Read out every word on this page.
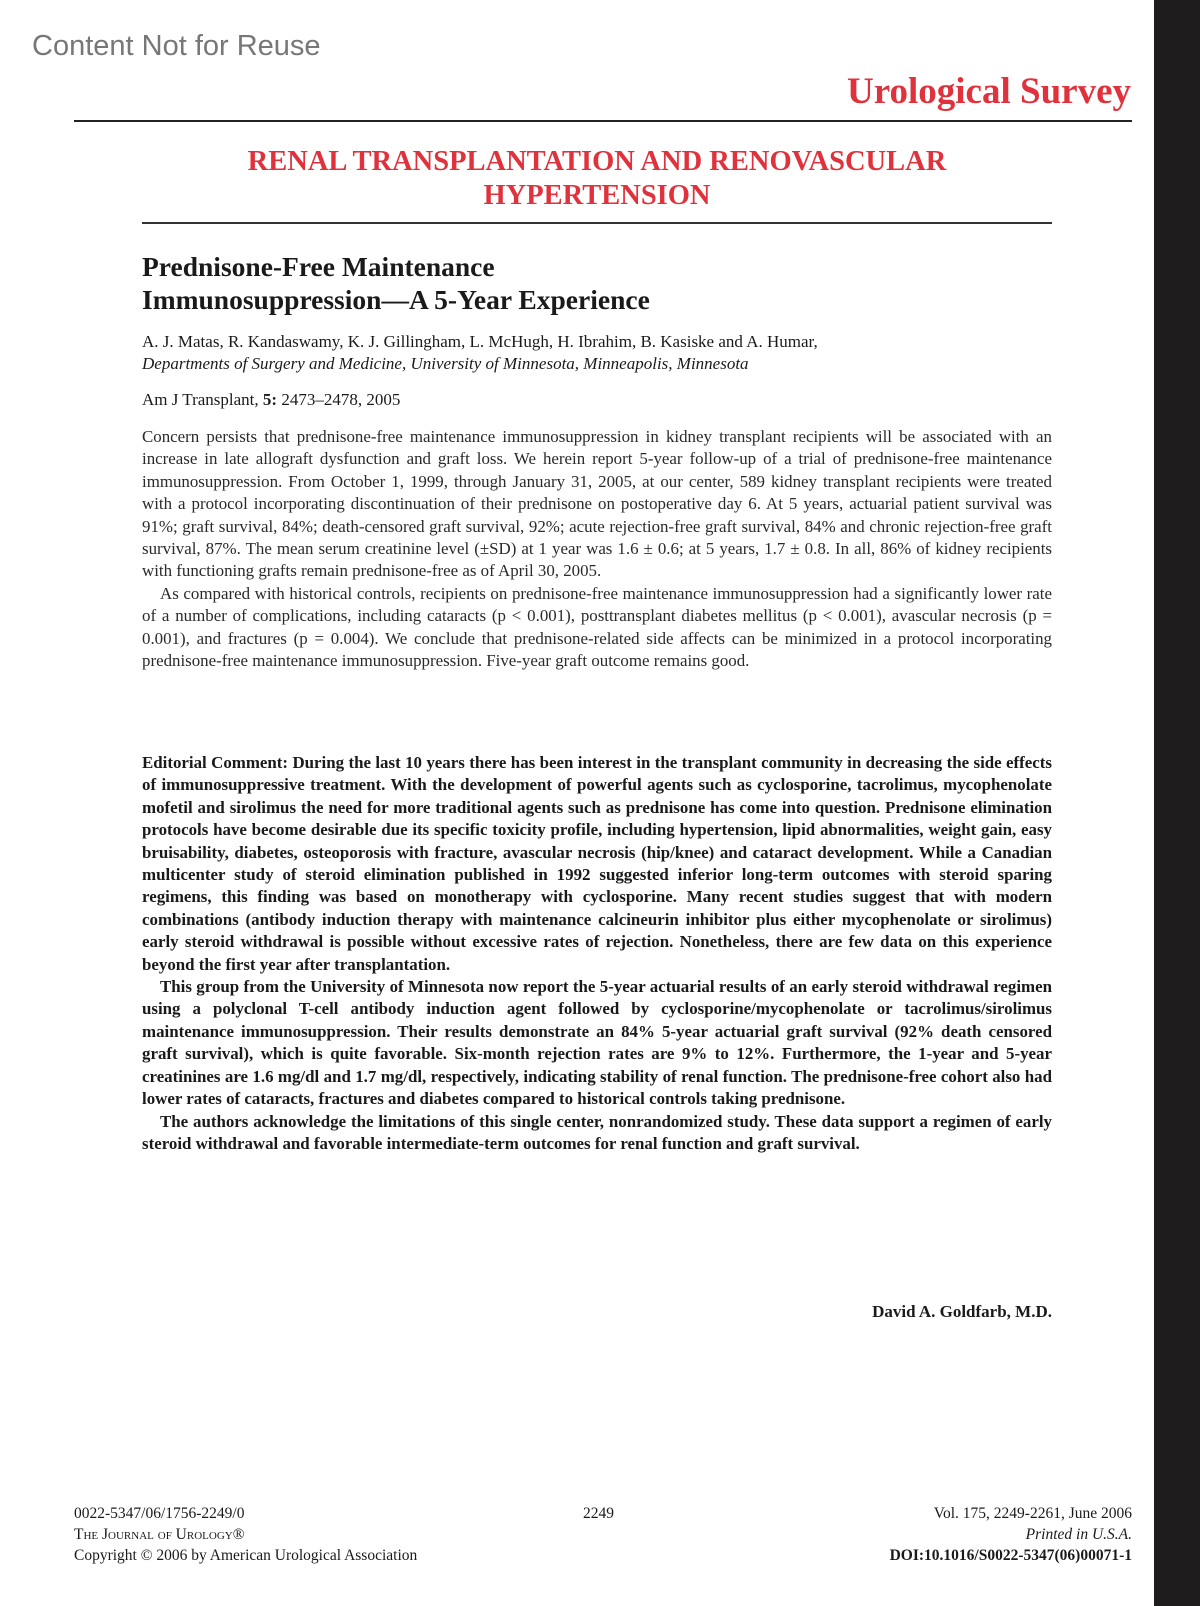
Content Not for Reuse
Urological Survey
RENAL TRANSPLANTATION AND RENOVASCULAR
HYPERTENSION
Prednisone-Free Maintenance
Immunosuppression—A 5-Year Experience
A. J. Matas, R. Kandaswamy, K. J. Gillingham, L. McHugh, H. Ibrahim, B. Kasiske and A. Humar,
Departments of Surgery and Medicine, University of Minnesota, Minneapolis, Minnesota
Am J Transplant, 5: 2473–2478, 2005

Concern persists that prednisone-free maintenance immunosuppression in kidney transplant recipients will be associated with an increase in late allograft dysfunction and graft loss. We herein report 5-year follow-up of a trial of prednisone-free maintenance immunosuppression. From October 1, 1999, through January 31, 2005, at our center, 589 kidney transplant recipients were treated with a protocol incorporating discontinuation of their prednisone on postoperative day 6. At 5 years, actuarial patient survival was 91%; graft survival, 84%; death-censored graft survival, 92%; acute rejection-free graft survival, 84% and chronic rejection-free graft survival, 87%. The mean serum creatinine level (±SD) at 1 year was 1.6 ± 0.6; at 5 years, 1.7 ± 0.8. In all, 86% of kidney recipients with functioning grafts remain prednisone-free as of April 30, 2005.

As compared with historical controls, recipients on prednisone-free maintenance immunosuppression had a significantly lower rate of a number of complications, including cataracts (p < 0.001), posttransplant diabetes mellitus (p < 0.001), avascular necrosis (p = 0.001), and fractures (p = 0.004). We conclude that prednisone-related side affects can be minimized in a protocol incorporating prednisone-free maintenance immunosuppression. Five-year graft outcome remains good.

Editorial Comment: During the last 10 years there has been interest in the transplant community in decreasing the side effects of immunosuppressive treatment. With the development of powerful agents such as cyclosporine, tacrolimus, mycophenolate mofetil and sirolimus the need for more traditional agents such as prednisone has come into question. Prednisone elimination protocols have become desirable due its specific toxicity profile, including hypertension, lipid abnormalities, weight gain, easy bruisability, diabetes, osteoporosis with fracture, avascular necrosis (hip/knee) and cataract development. While a Canadian multicenter study of steroid elimination published in 1992 suggested inferior long-term outcomes with steroid sparing regimens, this finding was based on monotherapy with cyclosporine. Many recent studies suggest that with modern combinations (antibody induction therapy with maintenance calcineurin inhibitor plus either mycophenolate or sirolimus) early steroid withdrawal is possible without excessive rates of rejection. Nonetheless, there are few data on this experience beyond the first year after transplantation.

This group from the University of Minnesota now report the 5-year actuarial results of an early steroid withdrawal regimen using a polyclonal T-cell antibody induction agent followed by cyclosporine/mycophenolate or tacrolimus/sirolimus maintenance immunosuppression. Their results demonstrate an 84% 5-year actuarial graft survival (92% death censored graft survival), which is quite favorable. Six-month rejection rates are 9% to 12%. Furthermore, the 1-year and 5-year creatinines are 1.6 mg/dl and 1.7 mg/dl, respectively, indicating stability of renal function. The prednisone-free cohort also had lower rates of cataracts, fractures and diabetes compared to historical controls taking prednisone.

The authors acknowledge the limitations of this single center, nonrandomized study. These data support a regimen of early steroid withdrawal and favorable intermediate-term outcomes for renal function and graft survival.

David A. Goldfarb, M.D.
0022-5347/06/1756-2249/0
The Journal of Urology®
Copyright © 2006 by American Urological Association
2249	Vol. 175, 2249-2261, June 2006
Printed in U.S.A.
DOI:10.1016/S0022-5347(06)00071-1
